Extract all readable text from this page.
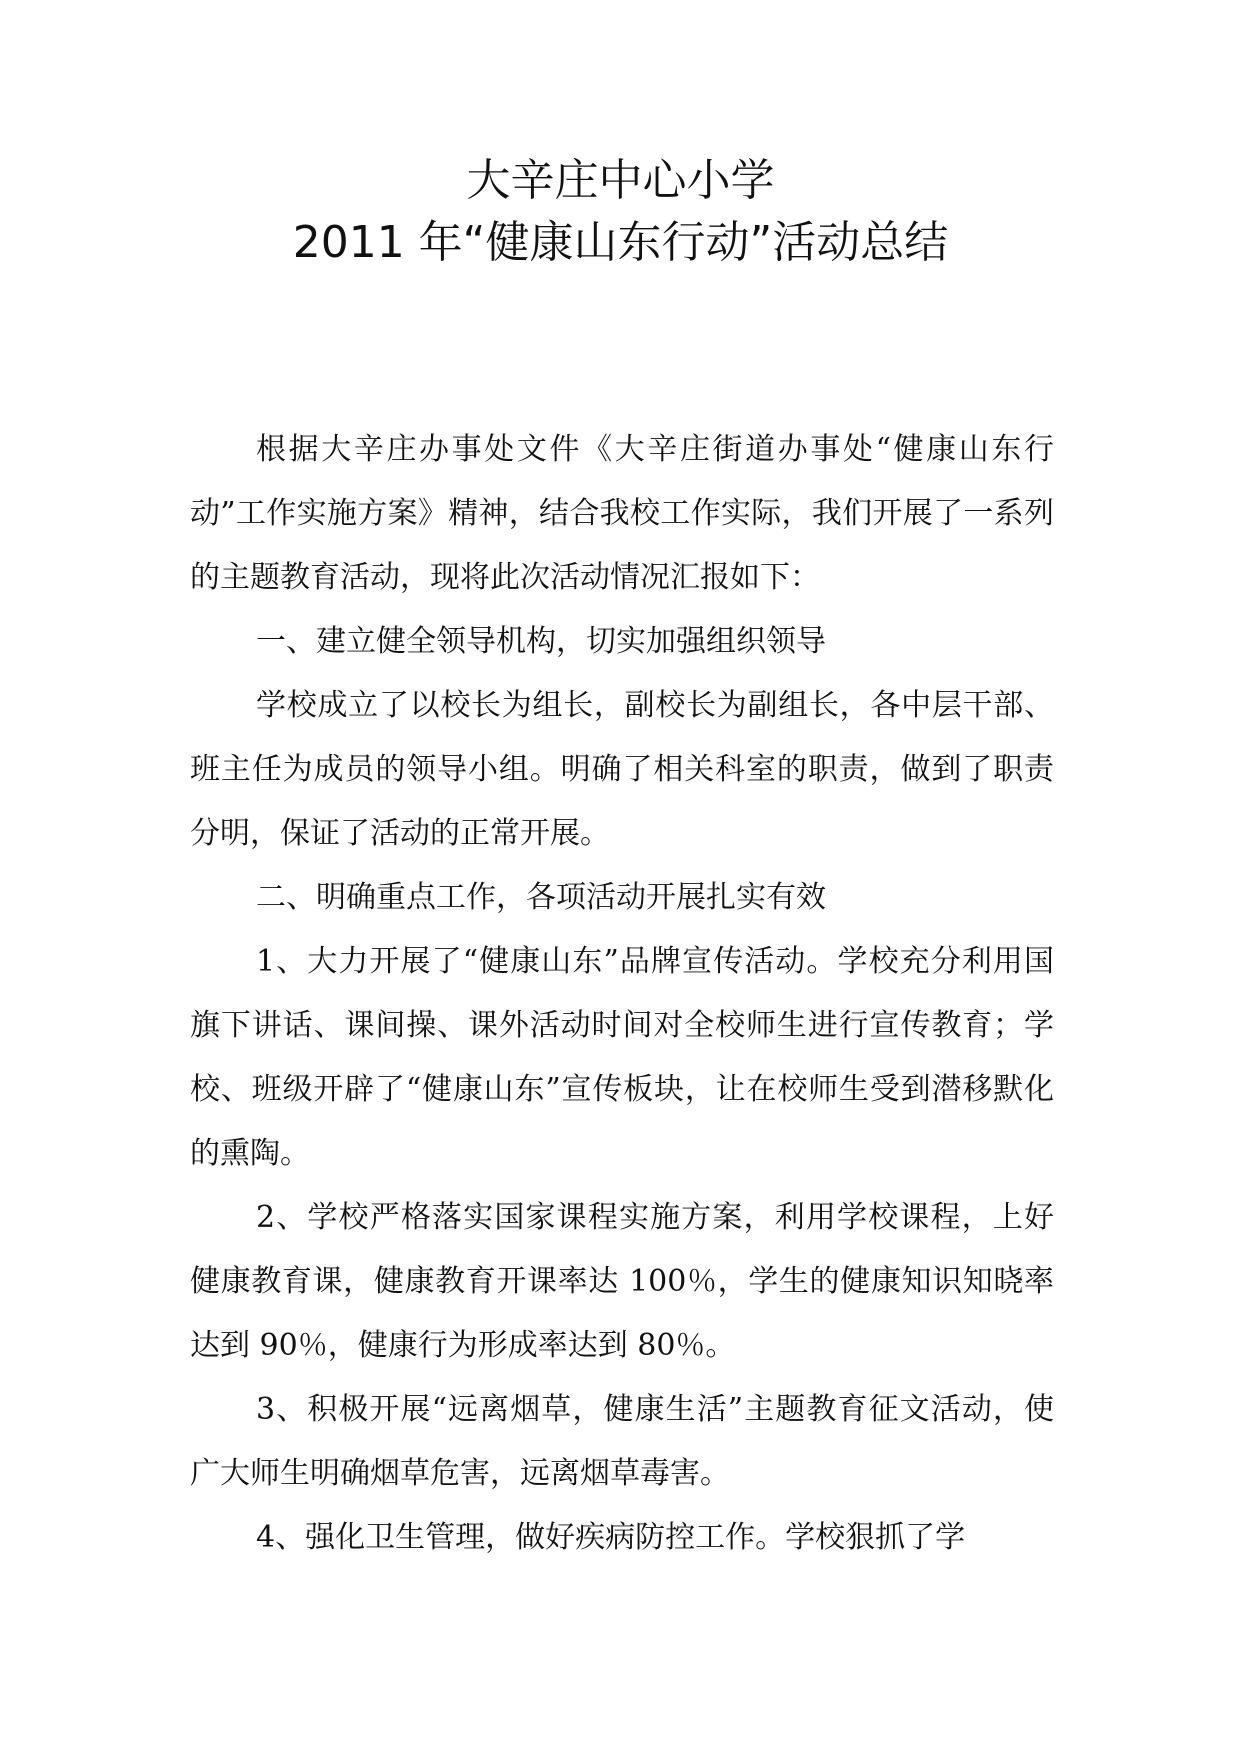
大辛庄中心小学
2011 年“健康山东行动”活动总结

根据大辛庄办事处文件《大辛庄街道办事处“健康山东行动”工作实施方案》精神，结合我校工作实际，我们开展了一系列的主题教育活动，现将此次活动情况汇报如下：

一、建立健全领导机构，切实加强组织领导

学校成立了以校长为组长，副校长为副组长，各中层干部、班主任为成员的领导小组。明确了相关科室的职责，做到了职责分明，保证了活动的正常开展。

二、明确重点工作，各项活动开展扎实有效

1、大力开展了“健康山东”品牌宣传活动。学校充分利用国旗下讲话、课间操、课外活动时间对全校师生进行宣传教育；学校、班级开辟了“健康山东”宣传板块，让在校师生受到潜移默化的熏陶。

2、学校严格落实国家课程实施方案，利用学校课程，上好健康教育课，健康教育开课率达 100％，学生的健康知识知晓率达到 90％，健康行为形成率达到 80％。

3、积极开展“远离烟草，健康生活”主题教育征文活动，使广大师生明确烟草危害，远离烟草毒害。

4、强化卫生管理，做好疾病防控工作。学校狠抓了学
